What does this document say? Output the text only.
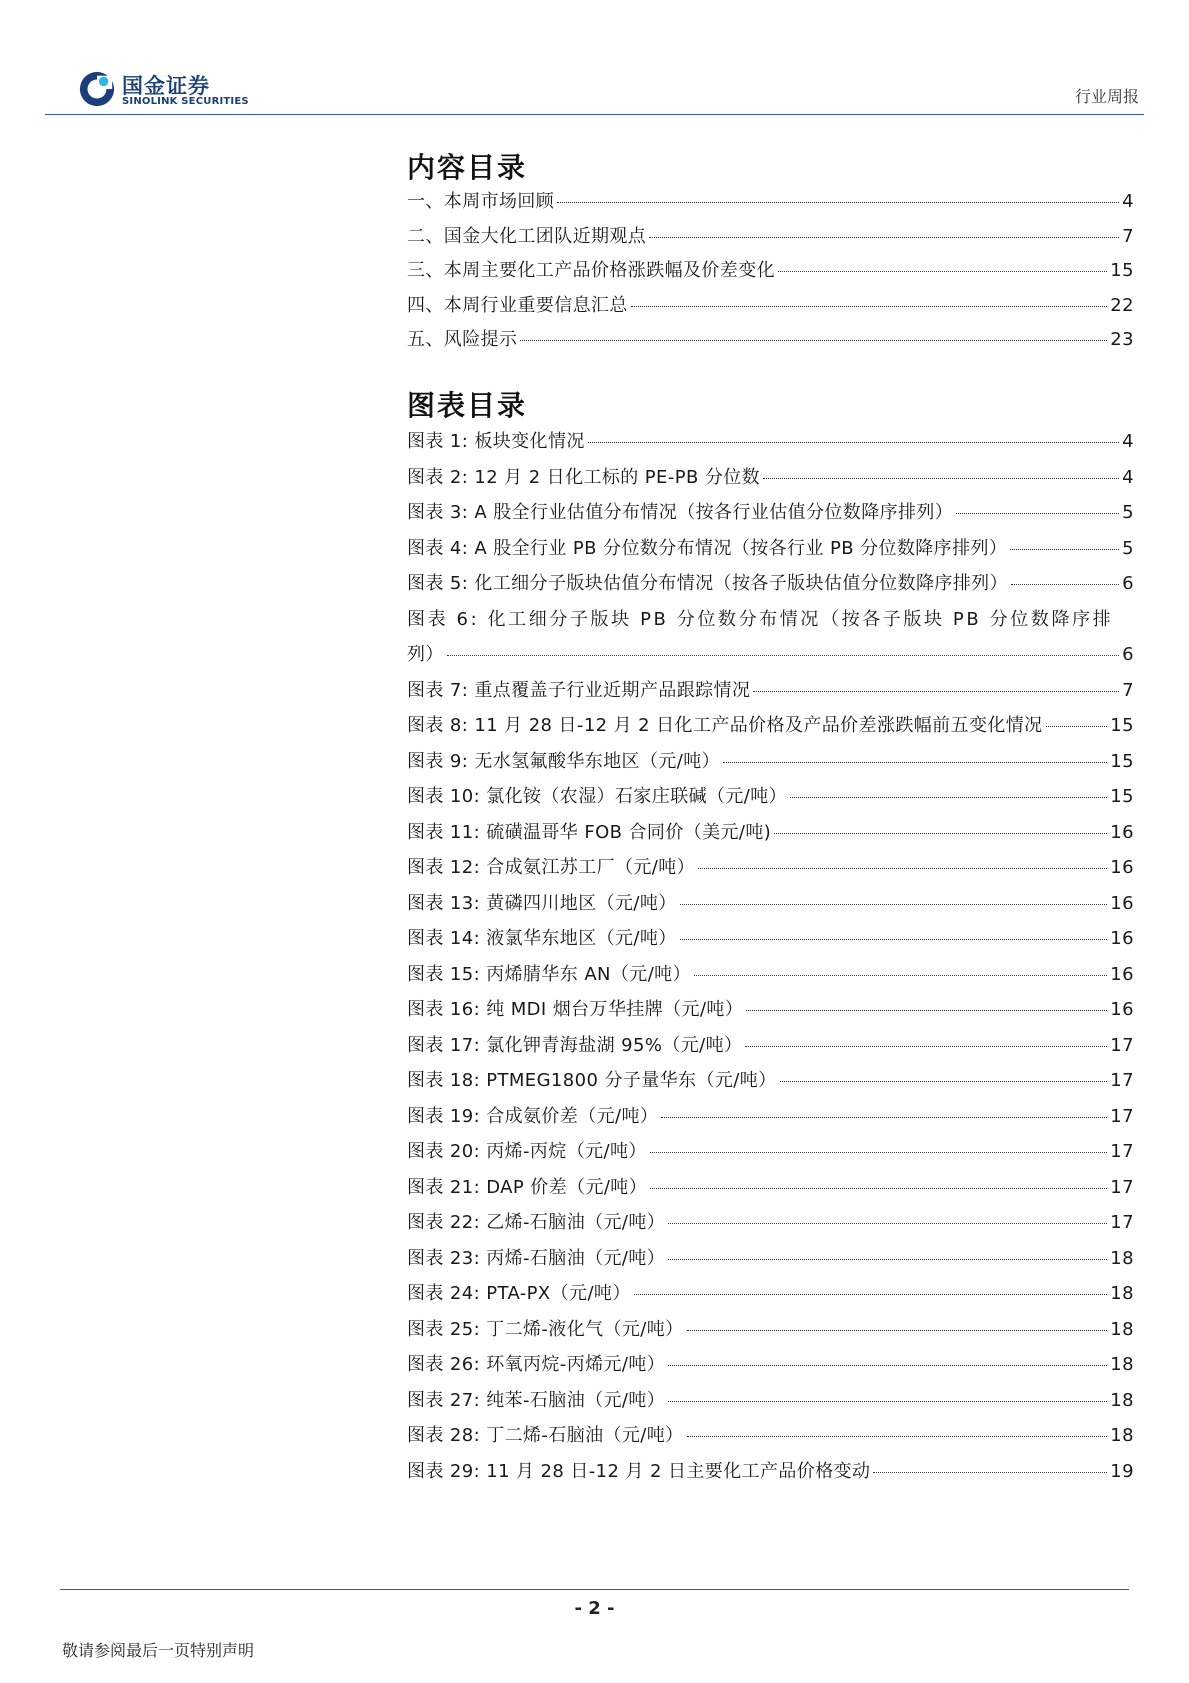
国金证券
SINOLINK SECURITIES	行业周报
内容目录
一、本周市场回顾	4
二、国金大化工团队近期观点	7
三、本周主要化工产品价格涨跌幅及价差变化	15
四、本周行业重要信息汇总	22
五、风险提示	23
图表目录
图表 1: 板块变化情况	4
图表 2: 12 月 2 日化工标的 PE-PB 分位数	4
图表 3: A 股全行业估值分布情况（按各行业估值分位数降序排列）	5
图表 4: A 股全行业 PB 分位数分布情况（按各行业 PB 分位数降序排列）	5
图表 5: 化工细分子版块估值分布情况（按各子版块估值分位数降序排列）	6
图表 6: 化工细分子版块 PB 分位数分布情况（按各子版块 PB 分位数降序排
列）	6
图表 7: 重点覆盖子行业近期产品跟踪情况	7
图表 8: 11 月 28 日-12 月 2 日化工产品价格及产品价差涨跌幅前五变化情况	15
图表 9: 无水氢氟酸华东地区（元/吨）	15
图表 10: 氯化铵（农湿）石家庄联碱（元/吨）	15
图表 11: 硫磺温哥华 FOB 合同价（美元/吨)	16
图表 12: 合成氨江苏工厂（元/吨）	16
图表 13: 黄磷四川地区（元/吨）	16
图表 14: 液氯华东地区（元/吨）	16
图表 15: 丙烯腈华东 AN（元/吨）	16
图表 16: 纯 MDI 烟台万华挂牌（元/吨）	16
图表 17: 氯化钾青海盐湖 95%（元/吨）	17
图表 18: PTMEG1800 分子量华东（元/吨）	17
图表 19: 合成氨价差（元/吨）	17
图表 20: 丙烯-丙烷（元/吨）	17
图表 21: DAP 价差（元/吨）	17
图表 22: 乙烯-石脑油（元/吨）	17
图表 23: 丙烯-石脑油（元/吨）	18
图表 24: PTA-PX（元/吨）	18
图表 25: 丁二烯-液化气（元/吨）	18
图表 26: 环氧丙烷-丙烯元/吨）	18
图表 27: 纯苯-石脑油（元/吨）	18
图表 28: 丁二烯-石脑油（元/吨）	18
图表 29: 11 月 28 日-12 月 2 日主要化工产品价格变动	19
- 2 -
敬请参阅最后一页特别声明
